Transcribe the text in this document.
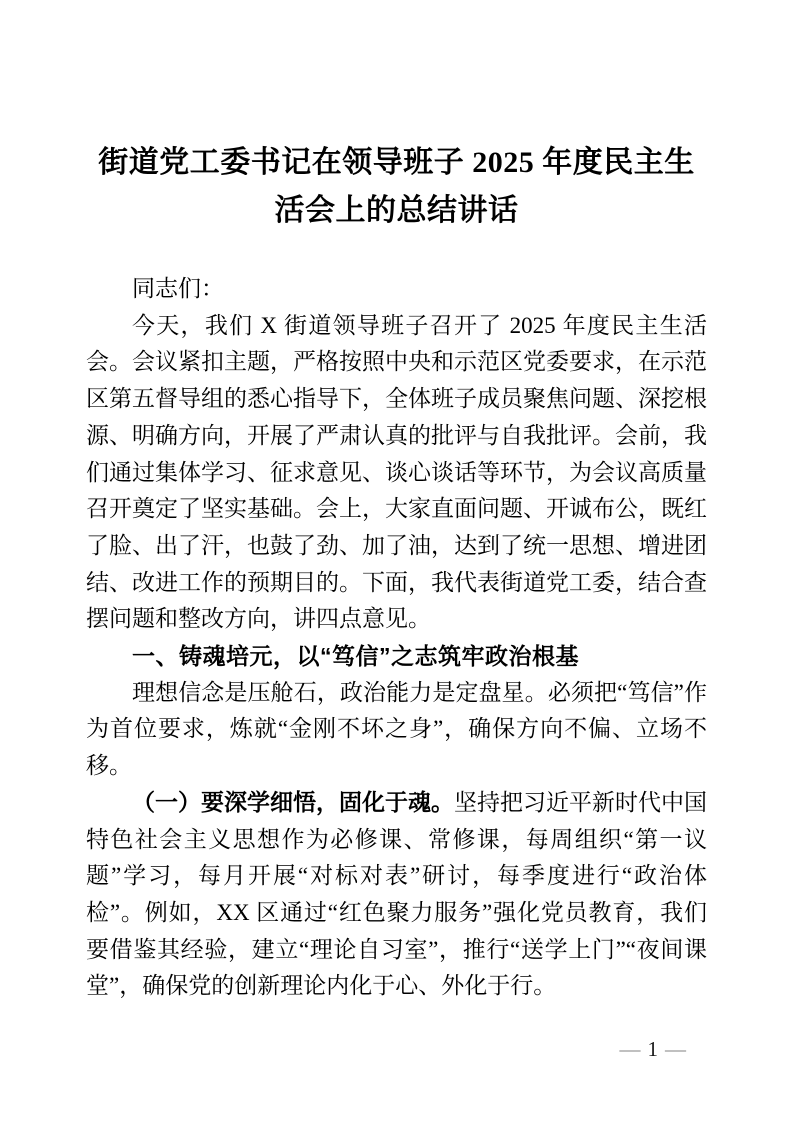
街道党工委书记在领导班子 2025 年度民主生活会上的总结讲话

同志们：

今天，我们 X 街道领导班子召开了 2025 年度民主生活会。会议紧扣主题，严格按照中央和示范区党委要求，在示范区第五督导组的悉心指导下，全体班子成员聚焦问题、深挖根源、明确方向，开展了严肃认真的批评与自我批评。会前，我们通过集体学习、征求意见、谈心谈话等环节，为会议高质量召开奠定了坚实基础。会上，大家直面问题、开诚布公，既红了脸、出了汗，也鼓了劲、加了油，达到了统一思想、增进团结、改进工作的预期目的。下面，我代表街道党工委，结合查摆问题和整改方向，讲四点意见。

一、铸魂培元，以“笃信”之志筑牢政治根基

理想信念是压舱石，政治能力是定盘星。必须把“笃信”作为首位要求，炼就“金刚不坏之身”，确保方向不偏、立场不移。

（一）要深学细悟，固化于魂。坚持把习近平新时代中国特色社会主义思想作为必修课、常修课，每周组织“第一议题”学习，每月开展“对标对表”研讨，每季度进行“政治体检”。例如，XX 区通过“红色聚力服务”强化党员教育，我们要借鉴其经验，建立“理论自习室”，推行“送学上门”“夜间课堂”，确保党的创新理论内化于心、外化于行。

— 1 —
